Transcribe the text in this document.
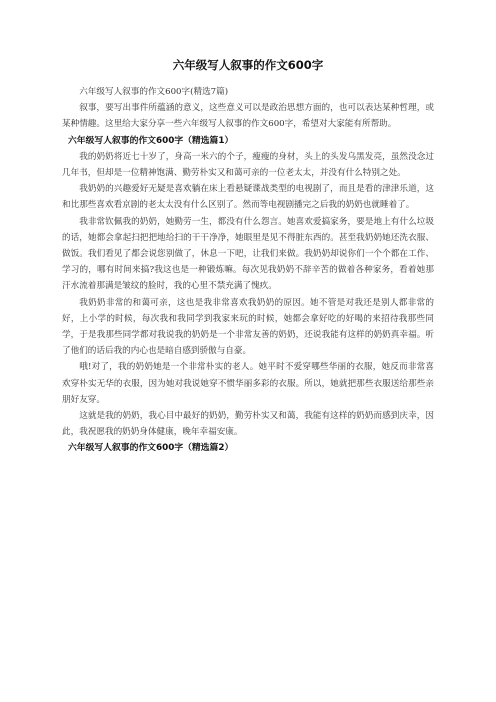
六年级写人叙事的作文600字

六年级写人叙事的作文600字(精选7篇)

叙事，要写出事件所蕴涵的意义，这些意义可以是政治思想方面的，也可以表达某种哲理，或某种情趣。这里给大家分享一些六年级写人叙事的作文600字，希望对大家能有所帮助。

六年级写人叙事的作文600字（精选篇1）

我的奶奶将近七十岁了，身高一米六的个子，瘦瘦的身材，头上的头发乌黑发亮，虽然没念过几年书，但却是一位精神饱满、勤劳朴实又和蔼可亲的一位老太太，并没有什么特别之处。

我奶奶的兴趣爱好无疑是喜欢躺在床上看悬疑谍战类型的电视剧了，而且是看的津津乐道，这和比那些喜欢看京剧的老太太没有什么区别了。然而等电视剧播完之后我的奶奶也就睡着了。

我非常钦佩我的奶奶，她勤劳一生，都没有什么怨言。她喜欢爱搞家务，要是地上有什么垃圾的话，她都会拿起扫把把地给扫的干干净净，她眼里是见不得脏东西的。甚至我奶奶她还洗衣服、做饭。我们看见了都会说您别做了，休息一下吧，让我们来做。我奶奶却说你们一个个都在工作、学习的，哪有时间来搞?我这也是一种锻炼嘛。每次见我奶奶不辞辛苦的做着各种家务，看着她那汗水流着那满是皱纹的脸时，我的心里不禁充满了愧疚。

我奶奶非常的和蔼可亲，这也是我非常喜欢我奶奶的原因。她不管是对我还是别人都非常的好，上小学的时候，每次我和我同学到我家来玩的时候，她都会拿好吃的好喝的来招待我那些同学，于是我那些同学都对我说我的奶奶是一个非常友善的奶奶，还说我能有这样的奶奶真幸福。听了他们的话后我的内心也是暗自感到骄傲与自豪。

哦!对了，我的奶奶她是一个非常朴实的老人。她平时不爱穿哪些华丽的衣服，她反而非常喜欢穿朴实无华的衣服，因为她对我说她穿不惯华丽多彩的衣服。所以，她就把那些衣服送给那些亲朋好友穿。

这就是我的奶奶，我心目中最好的奶奶，勤劳朴实又和蔼，我能有这样的奶奶而感到庆幸，因此，我祝愿我的奶奶身体健康，晚年幸福安康。

六年级写人叙事的作文600字（精选篇2）
